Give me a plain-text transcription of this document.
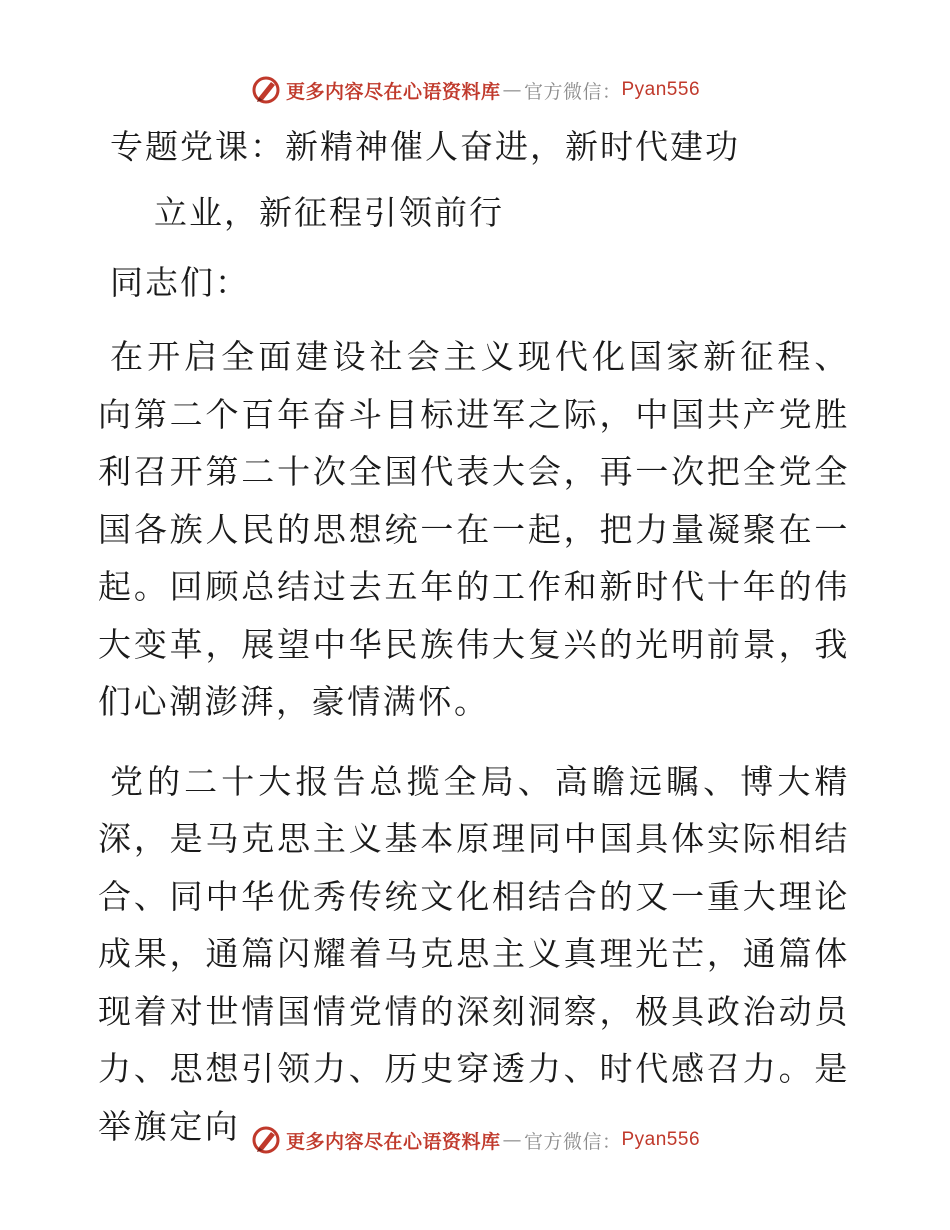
更多内容尽在心语资料库 — 官方微信： Pyan556
专题党课：新精神催人奋进，新时代建功
立业，新征程引领前行

同志们：

在开启全面建设社会主义现代化国家新征程、向第二个百年奋斗目标进军之际，中国共产党胜利召开第二十次全国代表大会，再一次把全党全国各族人民的思想统一在一起，把力量凝聚在一起。回顾总结过去五年的工作和新时代十年的伟大变革，展望中华民族伟大复兴的光明前景，我们心潮澎湃，豪情满怀。

党的二十大报告总揽全局、高瞻远瞩、博大精深，是马克思主义基本原理同中国具体实际相结合、同中华优秀传统文化相结合的又一重大理论成果，通篇闪耀着马克思主义真理光芒，通篇体现着对世情国情党情的深刻洞察，极具政治动员力、思想引领力、历史穿透力、时代感召力。是举旗定向	更多内容尽在心语资料库 — 官方微信： Pyan556
